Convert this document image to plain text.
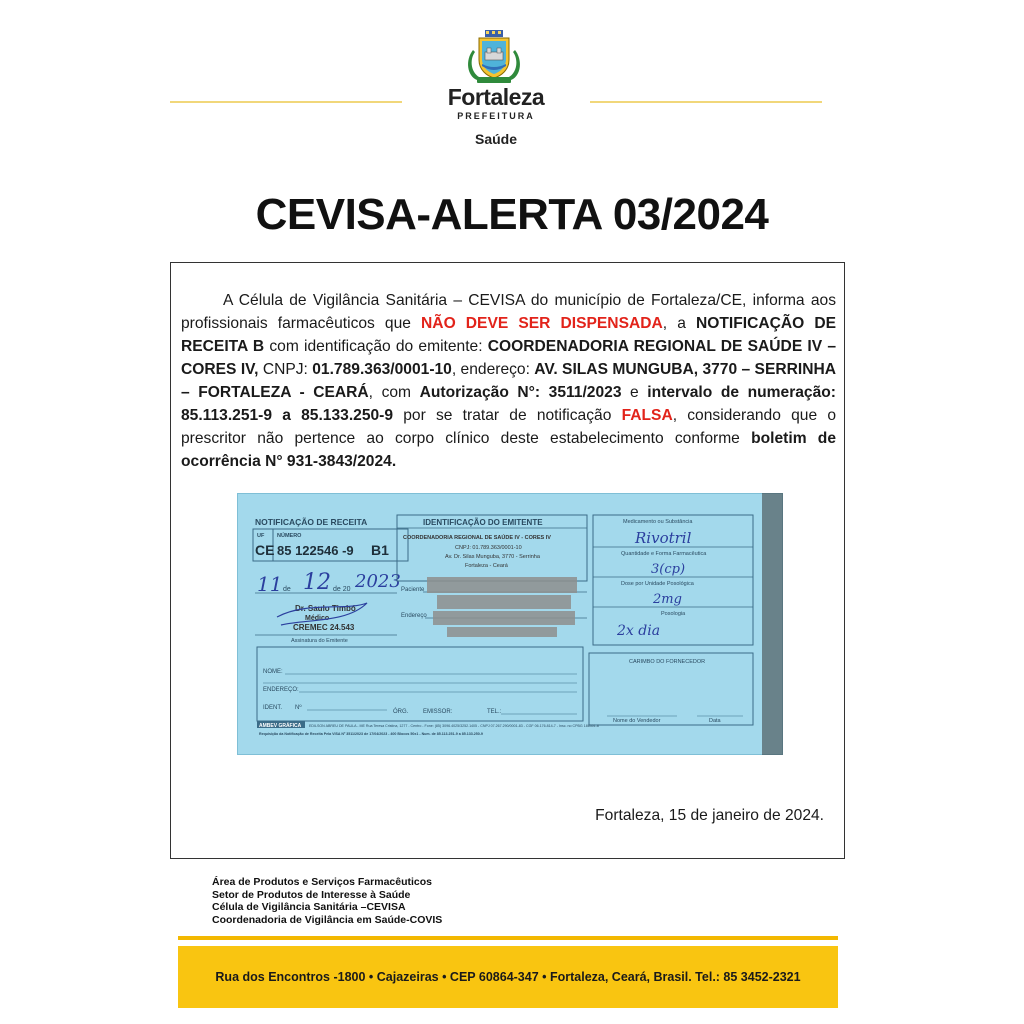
Fortaleza
PREFEITURA
Saúde
CEVISA-ALERTA 03/2024
A Célula de Vigilância Sanitária – CEVISA do município de Fortaleza/CE, informa aos profissionais farmacêuticos que NÃO DEVE SER DISPENSADA, a NOTIFICAÇÃO DE RECEITA B com identificação do emitente: COORDENADORIA REGIONAL DE SAÚDE IV – CORES IV, CNPJ: 01.789.363/0001-10, endereço: AV. SILAS MUNGUBA, 3770 – SERRINHA – FORTALEZA - CEARÁ, com Autorização N°: 3511/2023 e intervalo de numeração: 85.113.251-9 a 85.133.250-9 por se tratar de notificação FALSA, considerando que o prescritor não pertence ao corpo clínico deste estabelecimento conforme boletim de ocorrência N° 931-3843/2024.
NOTIFICAÇÃO DE RECEITA
UF NÚMERO
CE 85 122546 -9 B1
11 de 12 de 20 2023
Dr. Saulo Timbó
Médico
CREMEC 24.543
Assinatura do Emitente
IDENTIFICAÇÃO DO EMITENTE
COORDENADORIA REGIONAL DE SAÚDE IV - CORES IV
CNPJ: 01.789.363/0001-10
Av. Dr. Silas Munguba, 3770 - Serrinha
Fortaleza - Ceará
Paciente
Endereço
Medicamento ou Substância
Rivotril
Quantidade e Forma Farmacêutica
3(cp)
Dose por Unidade Posológica
2mg
Posologia
2x dia
NOME:
ENDEREÇO:
IDENT. Nº
ÓRG. EMISSOR:	TEL.:
CARIMBO DO FORNECEDOR
Nome do Vendedor	Data
AMBEV GRÁFICA EDILSON ABREU DE PAULA - ME Rua Teresa Cristina, 1277 - Centro - Fone: (85) 3096.4025/3252.1405 - CNPJ 07.267.290/0001-83 - CGF 06.176.814-7 - Insc. no CPBG 186301-8
Requisição da Notificação de Receita Pela VISA Nº 3511/2023 de 17/04/2023 - 400 Blocos 50x1 - Num. de 85.113.251-9 a 85.133.250-9
Fortaleza, 15 de janeiro de 2024.
Área de Produtos e Serviços Farmacêuticos
Setor de Produtos de Interesse à Saúde
Célula de Vigilância Sanitária –CEVISA
Coordenadoria de Vigilância em Saúde-COVIS
Rua dos Encontros -1800 • Cajazeiras • CEP 60864-347 • Fortaleza, Ceará, Brasil. Tel.: 85 3452-2321
